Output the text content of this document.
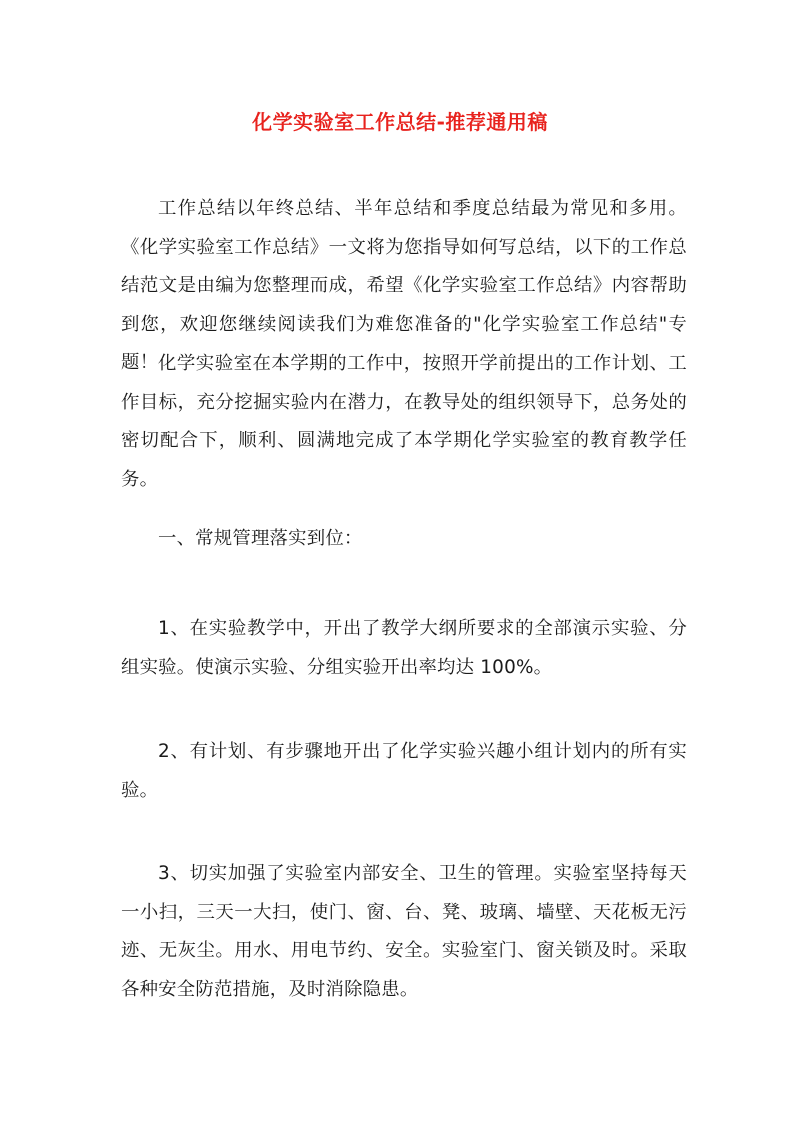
化学实验室工作总结-推荐通用稿

工作总结以年终总结、半年总结和季度总结最为常见和多用。《化学实验室工作总结》一文将为您指导如何写总结，以下的工作总结范文是由编为您整理而成，希望《化学实验室工作总结》内容帮助到您，欢迎您继续阅读我们为难您准备的"化学实验室工作总结"专题！ 化学实验室在本学期的工作中，按照开学前提出的工作计划、工作目标，充分挖掘实验内在潜力，在教导处的组织领导下，总务处的密切配合下，顺利、圆满地完成了本学期化学实验室的教育教学任务。

一、常规管理落实到位：

1、在实验教学中，开出了教学大纲所要求的全部演示实验、分组实验。使演示实验、分组实验开出率均达 100%。

2、有计划、有步骤地开出了化学实验兴趣小组计划内的所有实验。

3、切实加强了实验室内部安全、卫生的管理。实验室坚持每天一小扫，三天一大扫，使门、窗、台、凳、玻璃、墙壁、天花板无污迹、无灰尘。用水、用电节约、安全。实验室门、窗关锁及时。采取各种安全防范措施，及时消除隐患。
